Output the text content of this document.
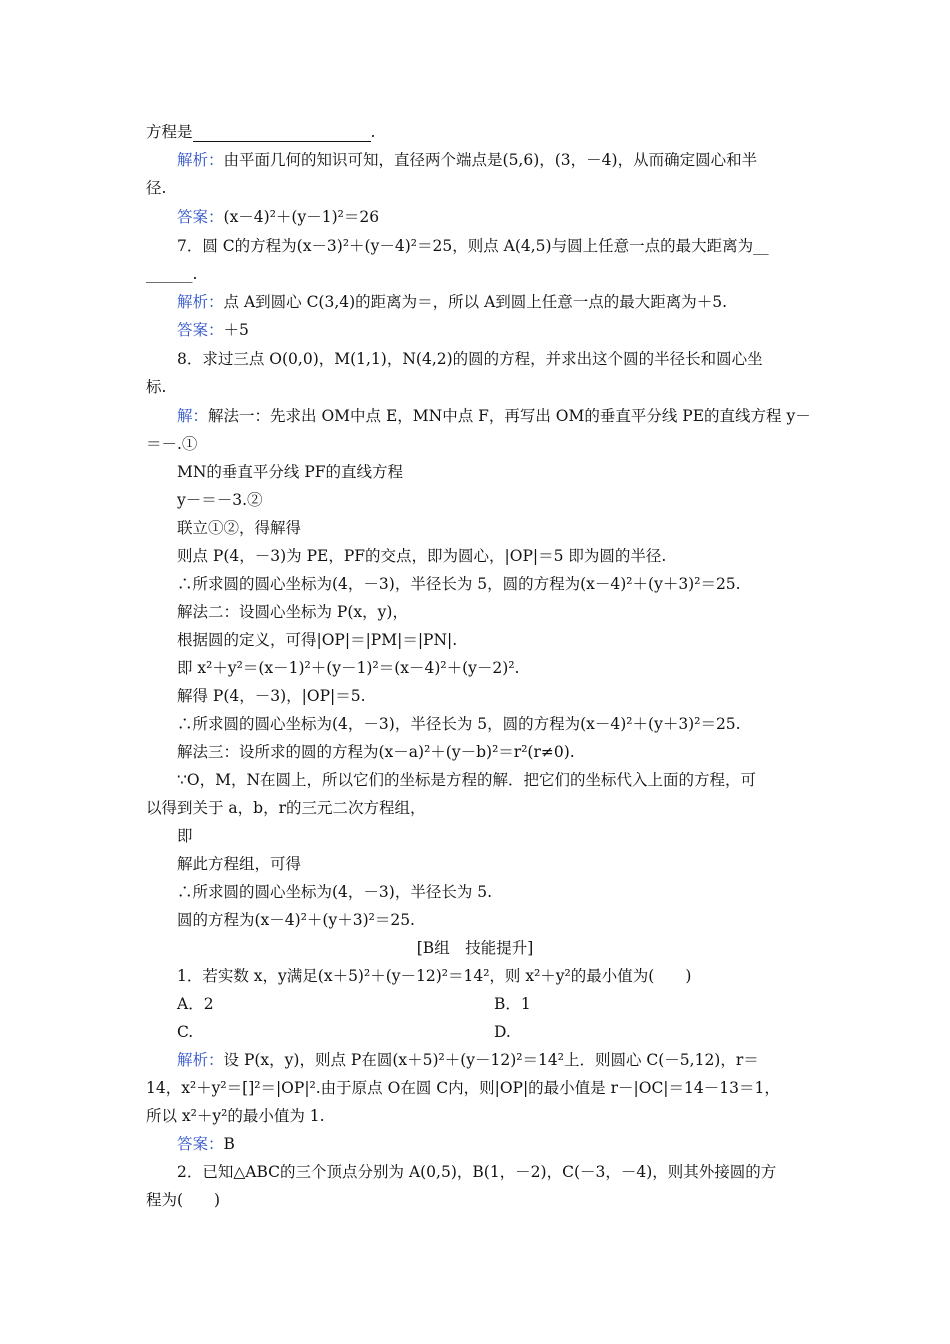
方程是	.
解析：由平面几何的知识可知，直径两个端点是(5,6)，(3，－4)，从而确定圆心和半
径.
答案：(x－4)²＋(y－1)²＝26
7．圆 C的方程为(x－3)²＋(y－4)²＝25，则点 A(4,5)与圆上任意一点的最大距离为__
______.
解析：点 A到圆心 C(3,4)的距离为＝，所以 A到圆上任意一点的最大距离为＋5.
答案：＋5
8．求过三点 O(0,0)，M(1,1)，N(4,2)的圆的方程，并求出这个圆的半径长和圆心坐
标.
解：解法一：先求出 OM中点 E，MN中点 F，再写出 OM的垂直平分线 PE的直线方程 y－
＝－.①
MN的垂直平分线 PF的直线方程
y－＝－3.②
联立①②，得解得
则点 P(4，－3)为 PE，PF的交点，即为圆心，|OP|＝5 即为圆的半径.
∴所求圆的圆心坐标为(4，－3)，半径长为 5，圆的方程为(x－4)²＋(y＋3)²＝25.
解法二：设圆心坐标为 P(x，y)，
根据圆的定义，可得|OP|＝|PM|＝|PN|.
即 x²＋y²＝(x－1)²＋(y－1)²＝(x－4)²＋(y－2)².
解得 P(4，－3)，|OP|＝5.
∴所求圆的圆心坐标为(4，－3)，半径长为 5，圆的方程为(x－4)²＋(y＋3)²＝25.
解法三：设所求的圆的方程为(x－a)²＋(y－b)²＝r²(r≠0).
∵O，M，N在圆上，所以它们的坐标是方程的解．把它们的坐标代入上面的方程，可
以得到关于 a，b，r的三元二次方程组，
即
解此方程组，可得
∴所求圆的圆心坐标为(4，－3)，半径长为 5.
圆的方程为(x－4)²＋(y＋3)²＝25.
[B组　技能提升]
1．若实数 x，y满足(x＋5)²＋(y－12)²＝14²，则 x²＋y²的最小值为(　　)
A．2	B．1
C.	D.
解析：设 P(x，y)，则点 P在圆(x＋5)²＋(y－12)²＝14²上．则圆心 C(－5,12)，r＝
14，x²＋y²＝[]²＝|OP|².由于原点 O在圆 C内，则|OP|的最小值是 r－|OC|＝14－13＝1，
所以 x²＋y²的最小值为 1.
答案：B
2．已知△ABC的三个顶点分别为 A(0,5)，B(1，－2)，C(－3，－4)，则其外接圆的方
程为(　　)
